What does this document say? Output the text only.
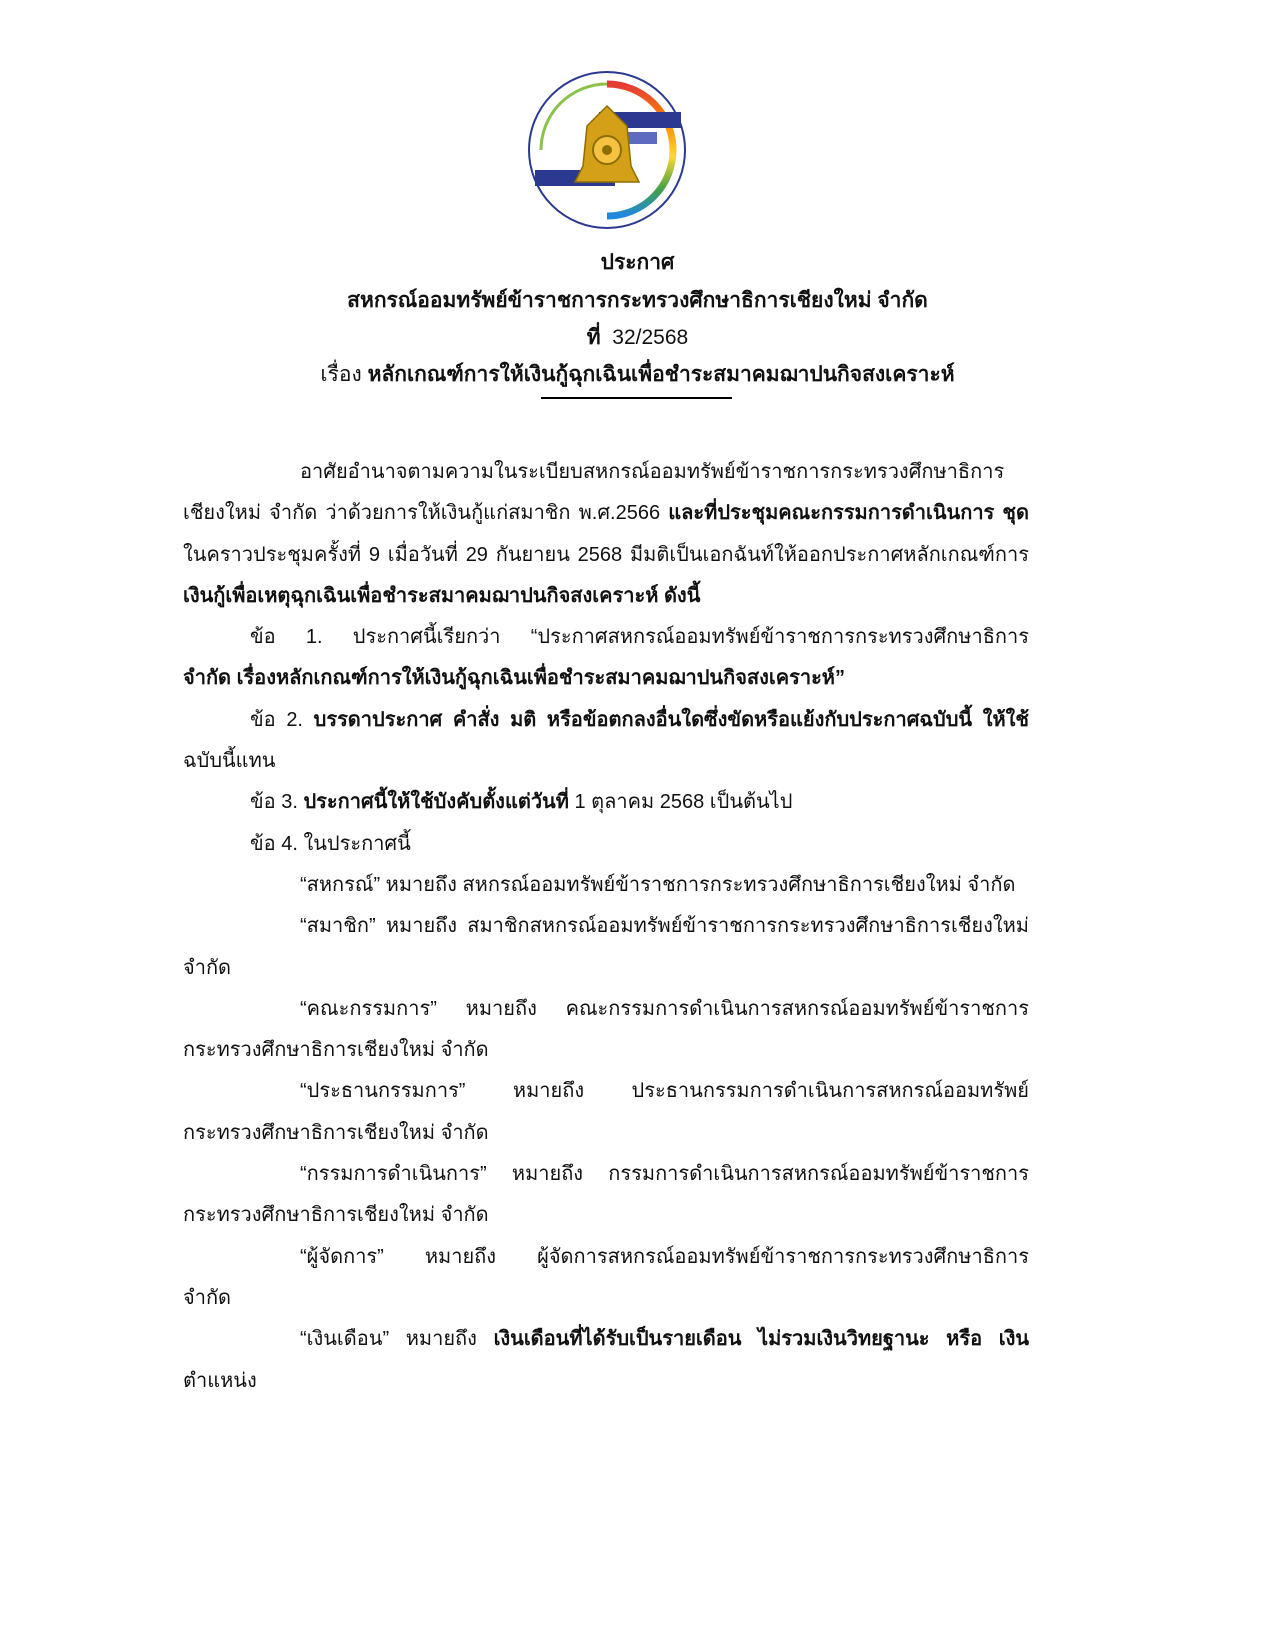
ประกาศ
สหกรณ์ออมทรัพย์ข้าราชการกระทรวงศึกษาธิการเชียงใหม่ จำกัด
ที่ 32/2568
เรื่อง หลักเกณฑ์การให้เงินกู้ฉุกเฉินเพื่อชำระสมาคมฌาปนกิจสงเคราะห์
อาศัยอำนาจตามความในระเบียบสหกรณ์ออมทรัพย์ข้าราชการกระทรวงศึกษาธิการ
เชียงใหม่ จำกัด ว่าด้วยการให้เงินกู้แก่สมาชิก พ.ศ.2566 และที่ประชุมคณะกรรมการดำเนินการ ชุด
ในคราวประชุมครั้งที่ 9 เมื่อวันที่ 29 กันยายน 2568 มีมติเป็นเอกฉันท์ให้ออกประกาศหลักเกณฑ์การ
เงินกู้เพื่อเหตุฉุกเฉินเพื่อชำระสมาคมฌาปนกิจสงเคราะห์ ดังนี้
ข้อ 1. ประกาศนี้เรียกว่า “ประกาศสหกรณ์ออมทรัพย์ข้าราชการกระทรวงศึกษาธิการ
จำกัด เรื่องหลักเกณฑ์การให้เงินกู้ฉุกเฉินเพื่อชำระสมาคมฌาปนกิจสงเคราะห์”
ข้อ 2. บรรดาประกาศ คำสั่ง มติ หรือข้อตกลงอื่นใดซึ่งขัดหรือแย้งกับประกาศฉบับนี้ ให้ใช้
ฉบับนี้แทน
ข้อ 3. ประกาศนี้ให้ใช้บังคับตั้งแต่วันที่ 1 ตุลาคม 2568 เป็นต้นไป
ข้อ 4. ในประกาศนี้
“สหกรณ์” หมายถึง สหกรณ์ออมทรัพย์ข้าราชการกระทรวงศึกษาธิการเชียงใหม่ จำกัด
“สมาชิก” หมายถึง สมาชิกสหกรณ์ออมทรัพย์ข้าราชการกระทรวงศึกษาธิการเชียงใหม่
จำกัด
“คณะกรรมการ” หมายถึง คณะกรรมการดำเนินการสหกรณ์ออมทรัพย์ข้าราชการ
กระทรวงศึกษาธิการเชียงใหม่ จำกัด
“ประธานกรรมการ” หมายถึง ประธานกรรมการดำเนินการสหกรณ์ออมทรัพย์
กระทรวงศึกษาธิการเชียงใหม่ จำกัด
“กรรมการดำเนินการ” หมายถึง กรรมการดำเนินการสหกรณ์ออมทรัพย์ข้าราชการ
กระทรวงศึกษาธิการเชียงใหม่ จำกัด
“ผู้จัดการ” หมายถึง ผู้จัดการสหกรณ์ออมทรัพย์ข้าราชการกระทรวงศึกษาธิการ
จำกัด
“เงินเดือน” หมายถึง เงินเดือนที่ได้รับเป็นรายเดือน ไม่รวมเงินวิทยฐานะ หรือ เงิน
ตำแหน่ง
